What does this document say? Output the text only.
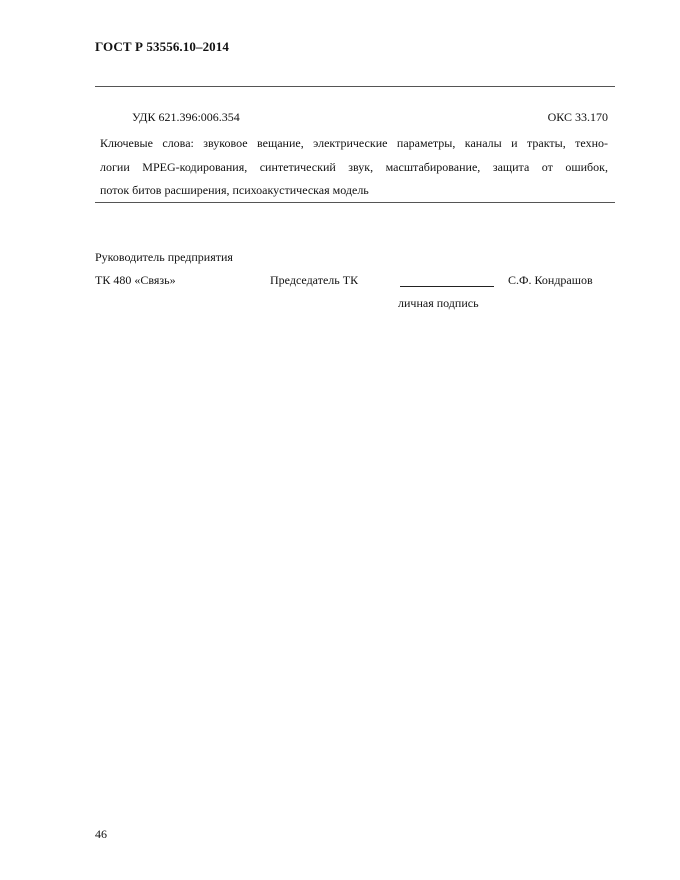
ГОСТ Р 53556.10–2014
УДК 621.396:006.354	ОКС 33.170
Ключевые слова: звуковое вещание, электрические параметры, каналы и тракты, техно-
логии MPEG-кодирования, синтетический звук, масштабирование, защита от ошибок,
поток битов расширения, психоакустическая модель
Руководитель предприятия
ТК 480 «Связь»	Председатель ТК	С.Ф. Кондрашов
личная подпись
46
